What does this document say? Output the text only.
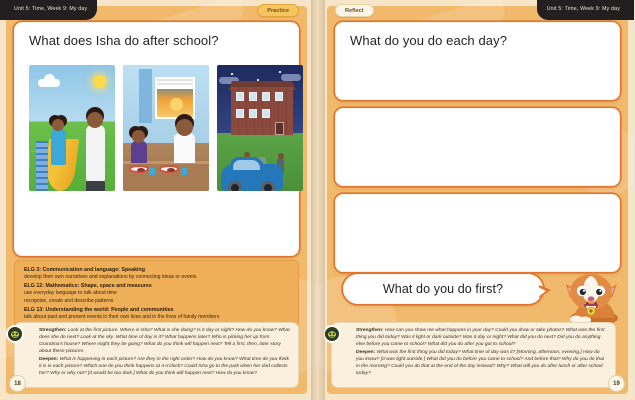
Unit 5: Time, Week 9: My day	Practice
What does Isha do after school?
ELG 3: Communication and language: Speaking
develop their own narratives and explanations by connecting ideas or events
ELG 12: Mathematics: Shape, space and measures
use everyday language to talk about time
recognise, create and describe patterns
ELG 13: Understanding the world: People and communities
talk about past and present events in their own lives and in the lives of family members

Strengthen: Look at the first picture. Where is Isha? What is she doing? Is it day or night? How do you know? What does she do next? Look at the sky. What time of day is it? What happens later? Who is picking her up from Grandma's house? Where might they be going? What do you think will happen next? Tell a first, then, later story about these pictures.

Deepen: What is happening in each picture? Are they in the right order? How do you know? What time do you think it is in each picture? Which one do you think happens at 4 o'clock? Could Isha go to the park when her dad collects her? Why or why not? [It would be too dark.] What do you think will happen next? How do you know?

18
Unit 5: Time, Week 9: My day
Reflect
What do you do each day?
What do you do first?
19

Strengthen: How can you show me what happens in your day? Could you draw or take photos? What was the first thing you did today? Was it light or dark outside? Was it day or night? What did you do next? Did you do anything else before you came to school? What did you do after you got to school?

Deepen: What was the first thing you did today? What time of day was it? [Morning, afternoon, evening.] How do you know? [It was light outside.] What did you do before you came to school? And before that? Why do you do that in the morning? Could you do that at the end of the day instead? Why? What will you do after lunch or after school today?
